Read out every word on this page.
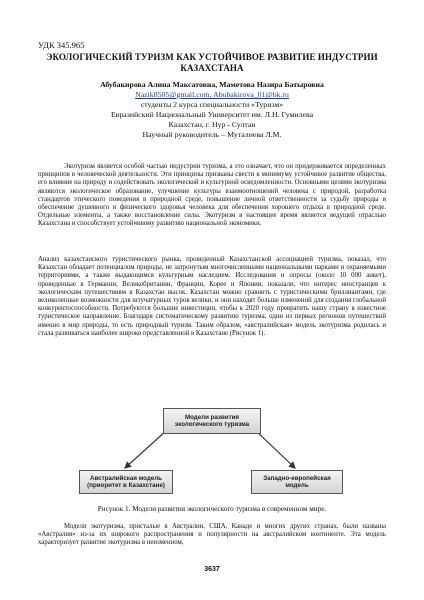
УДК 345.965
ЭКОЛОГИЧЕСКИЙ ТУРИЗМ КАК УСТОЙЧИВОЕ РАЗВИТИЕ ИНДУСТРИИ
КАЗАХСТАНА
Абубакирова Алина Максатовна, Маметова Назира Батыровна
Nazik8505@gmail.com, Abubakirova_01@bk.ru
студенты 2 курса специальности «Туризм»
Евразийский Национальный Университет им. Л.Н. Гумилева
Казахстан, г. Нур - Султан
Научный руководитель – Муталиева Л.М.

Экотуризм является особой частью индустрии туризма, а это означает, что он придерживается определенных принципов в человеческой деятельности. Эти принципы призваны свести к минимуму устойчивое развитие общества, его влияние на природу и содействовать экологической и культурной осведомленности. Основными целями экотуризма являются экологическое образование, улучшение культуры взаимоотношений человека с природой, разработка стандартов этического поведения в природной среде, повышение личной ответственности за судьбу природы и обеспечение душевного и физического здоровья человека для обеспечения хорошего отдыха в природной среде. Отдельные элементы, а также восстановление силы. Экотуризм в настоящее время является ведущей отраслью Казахстана и способствует устойчивому развитию национальной экономики.

Анализ казахстанского туристического рынка, проведенный Казахстанской ассоциацией туризма, показал, что Казахстан обладает потенциалом природы, не затронутым многочисленными национальными парками и охраняемыми территориями, а также выдающимся культурным наследием. Исследования и опросы (около 10 000 анкет), проведенные в Германии, Великобритании, Франции, Корее и Японии, показали, что интерес иностранцев к экологическим путешествиям в Казахстан высок. Казахстан можно сравнить с туристическими бриллиантами, где великолепные возможности для штучатурных туров велики, и они находят больше изменений для создания глобальной конкурентоспособности. Потребуются большие инвестиции, чтобы к 2020 году превратить нашу страну в известное туристическое направление. Благодаря систематическому развитию туризма, одни из первых регионов путешествий именно в мир природы, то есть природный туризм. Таким образом, «австралийская» модель экотуризма родилась и стала развиваться наиболее широко представленной в Казахстане (Рисунок 1).

Модели развития экологического туризма
Австралийская модель
(приоритет в Казахстане)
Западно-европейская модель
Рисунок 1. Модели развития экологического туризма в современном мире.

Модели экотуризма, присталые в Австралии, США, Канаде и многих других странах, были названы «Австралия» из-за их широкого распространения и популярности на австралийском континенте. Эта модель характеризует развитие экотуризма в неизменном,

3637
